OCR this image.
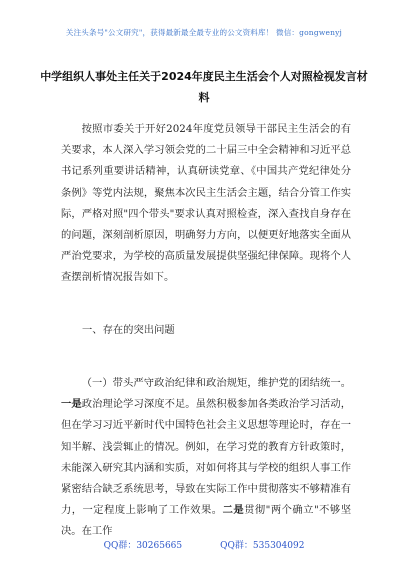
关注头条号"公文研究"，获得最新最全最专业的公文资料库！ 微信：gongwenyj
中学组织人事处主任关于2024年度民主生活会个人对照检视发言材料
按照市委关于开好2024年度党员领导干部民主生活会的有关要求，本人深入学习领会党的二十届三中全会精神和习近平总书记系列重要讲话精神，认真研读党章、《中国共产党纪律处分条例》等党内法规，聚焦本次民主生活会主题，结合分管工作实际，严格对照"四个带头"要求认真对照检查，深入查找自身存在的问题，深刻剖析原因，明确努力方向，以便更好地落实全面从严治党要求，为学校的高质量发展提供坚强纪律保障。现将个人查摆剖析情况报告如下。
一、存在的突出问题
（一）带头严守政治纪律和政治规矩，维护党的团结统一。一是政治理论学习深度不足。虽然积极参加各类政治学习活动，但在学习习近平新时代中国特色社会主义思想等理论时，存在一知半解、浅尝辄止的情况。例如，在学习党的教育方针政策时，未能深入研究其内涵和实质，对如何将其与学校的组织人事工作紧密结合缺乏系统思考，导致在实际工作中贯彻落实不够精准有力，一定程度上影响了工作效果。二是贯彻"两个确立"不够坚决。在工作
QQ群：30265665	QQ群：535304092
